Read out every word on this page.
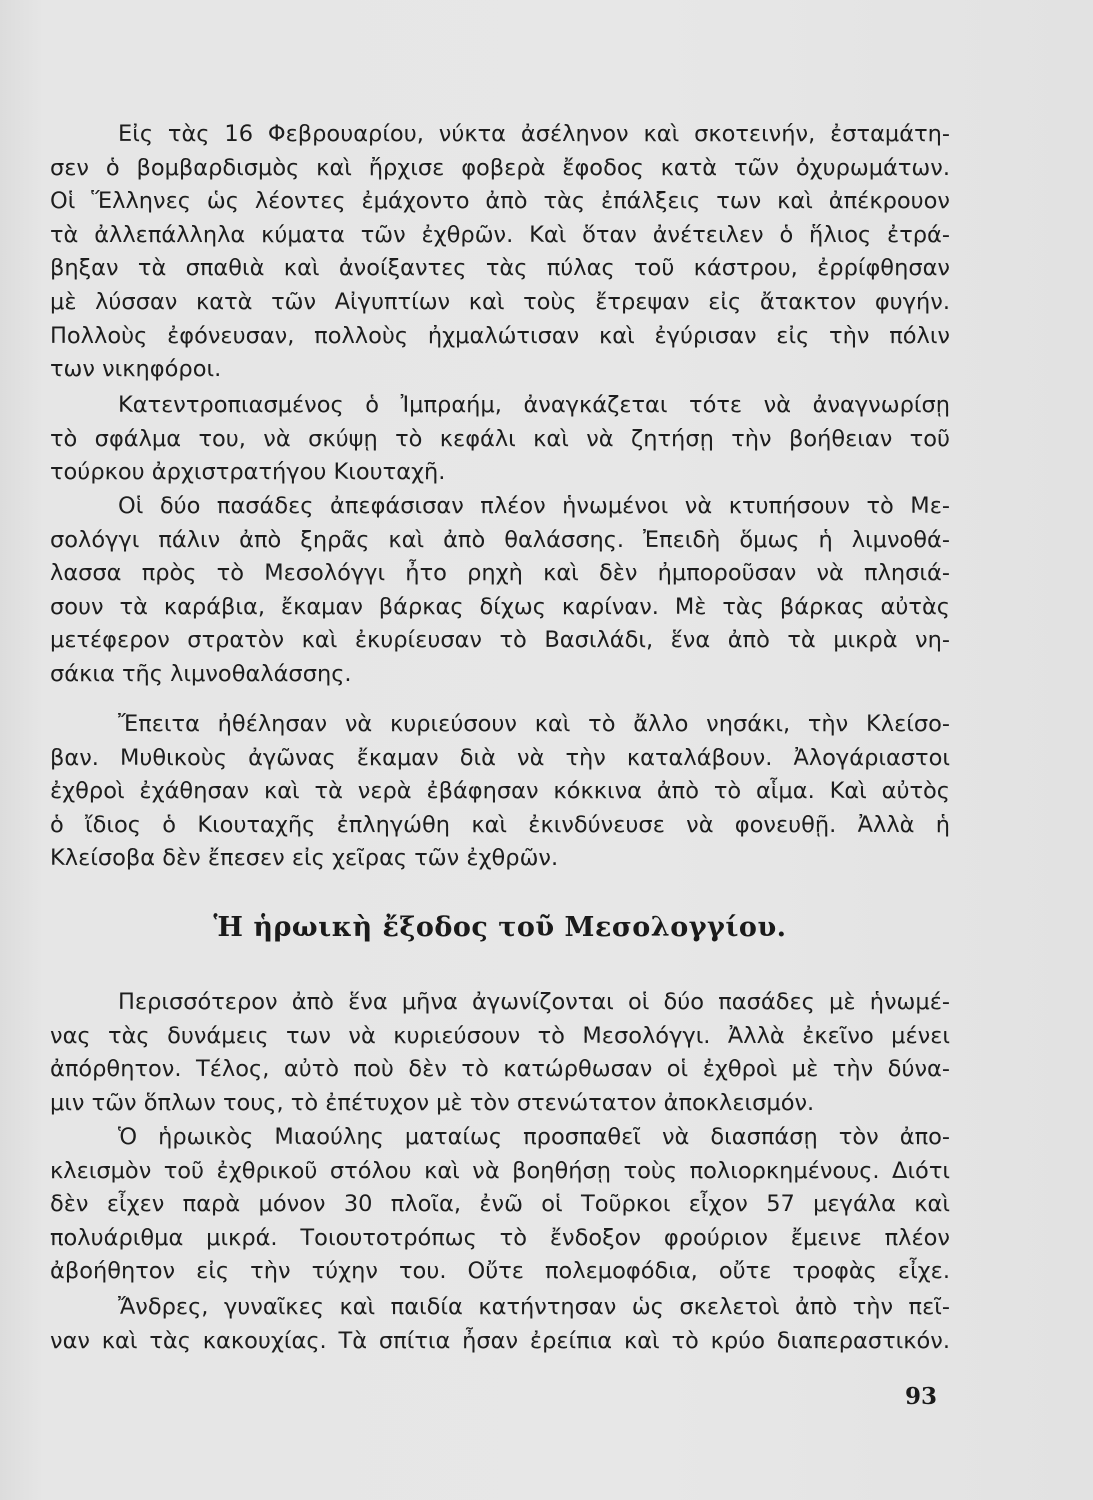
Εἰς τὰς 16 Φεβρουαρίου, νύκτα ἀσέληνον καὶ σκοτεινήν, ἐσταμάτη-
σεν ὁ βομβαρδισμὸς καὶ ἤρχισε φοβερὰ ἔφοδος κατὰ τῶν ὀχυρωμάτων.
Οἱ Ἕλληνες ὡς λέοντες ἐμάχοντο ἀπὸ τὰς ἐπάλξεις των καὶ ἀπέκρουον
τὰ ἀλλεπάλληλα κύματα τῶν ἐχθρῶν. Καὶ ὅταν ἀνέτειλεν ὁ ἥλιος ἐτρά-
βηξαν τὰ σπαθιὰ καὶ ἀνοίξαντες τὰς πύλας τοῦ κάστρου, ἐρρίφθησαν
μὲ λύσσαν κατὰ τῶν Αἰγυπτίων καὶ τοὺς ἔτρεψαν εἰς ἄτακτον φυγήν.
Πολλοὺς ἐφόνευσαν, πολλοὺς ἠχμαλώτισαν καὶ ἐγύρισαν εἰς τὴν πόλιν
των νικηφόροι.
Κατεντροπιασμένος ὁ Ἰμπραήμ, ἀναγκάζεται τότε νὰ ἀναγνωρίσῃ
τὸ σφάλμα του, νὰ σκύψῃ τὸ κεφάλι καὶ νὰ ζητήσῃ τὴν βοήθειαν τοῦ
τούρκου ἀρχιστρατήγου Κιουταχῆ.
Οἱ δύο πασάδες ἀπεφάσισαν πλέον ἡνωμένοι νὰ κτυπήσουν τὸ Με-
σολόγγι πάλιν ἀπὸ ξηρᾶς καὶ ἀπὸ θαλάσσης. Ἐπειδὴ ὅμως ἡ λιμνοθά-
λασσα πρὸς τὸ Μεσολόγγι ἦτο ρηχὴ καὶ δὲν ἠμποροῦσαν νὰ πλησιά-
σουν τὰ καράβια, ἔκαμαν βάρκας δίχως καρίναν. Μὲ τὰς βάρκας αὐτὰς
μετέφερον στρατὸν καὶ ἐκυρίευσαν τὸ Βασιλάδι, ἕνα ἀπὸ τὰ μικρὰ νη-
σάκια τῆς λιμνοθαλάσσης.
Ἔπειτα ἠθέλησαν νὰ κυριεύσουν καὶ τὸ ἄλλο νησάκι, τὴν Κλείσο-
βαν. Μυθικοὺς ἀγῶνας ἔκαμαν διὰ νὰ τὴν καταλάβουν. Ἀλογάριαστοι
ἐχθροὶ ἐχάθησαν καὶ τὰ νερὰ ἐβάφησαν κόκκινα ἀπὸ τὸ αἷμα. Καὶ αὐτὸς
ὁ ἴδιος ὁ Κιουταχῆς ἐπληγώθη καὶ ἐκινδύνευσε νὰ φονευθῇ. Ἀλλὰ ἡ
Κλείσοβα δὲν ἔπεσεν εἰς χεῖρας τῶν ἐχθρῶν.
Ἡ ἡρωικὴ ἔξοδος τοῦ Μεσολογγίου.
Περισσότερον ἀπὸ ἕνα μῆνα ἀγωνίζονται οἱ δύο πασάδες μὲ ἡνωμέ-
νας τὰς δυνάμεις των νὰ κυριεύσουν τὸ Μεσολόγγι. Ἀλλὰ ἐκεῖνο μένει
ἀπόρθητον. Τέλος, αὐτὸ ποὺ δὲν τὸ κατώρθωσαν οἱ ἐχθροὶ μὲ τὴν δύνα-
μιν τῶν ὅπλων τους, τὸ ἐπέτυχον μὲ τὸν στενώτατον ἀποκλεισμόν.
Ὁ ἡρωικὸς Μιαούλης ματαίως προσπαθεῖ νὰ διασπάσῃ τὸν ἀπο-
κλεισμὸν τοῦ ἐχθρικοῦ στόλου καὶ νὰ βοηθήσῃ τοὺς πολιορκημένους. Διότι
δὲν εἶχεν παρὰ μόνον 30 πλοῖα, ἐνῶ οἱ Τοῦρκοι εἶχον 57 μεγάλα καὶ
πολυάριθμα μικρά. Τοιουτοτρόπως τὸ ἔνδοξον φρούριον ἔμεινε πλέον
ἀβοήθητον εἰς τὴν τύχην του. Οὔτε πολεμοφόδια, οὔτε τροφὰς εἶχε.
Ἄνδρες, γυναῖκες καὶ παιδία κατήντησαν ὡς σκελετοὶ ἀπὸ τὴν πεῖ-
ναν καὶ τὰς κακουχίας. Τὰ σπίτια ἦσαν ἐρείπια καὶ τὸ κρύο διαπεραστικόν.
93
